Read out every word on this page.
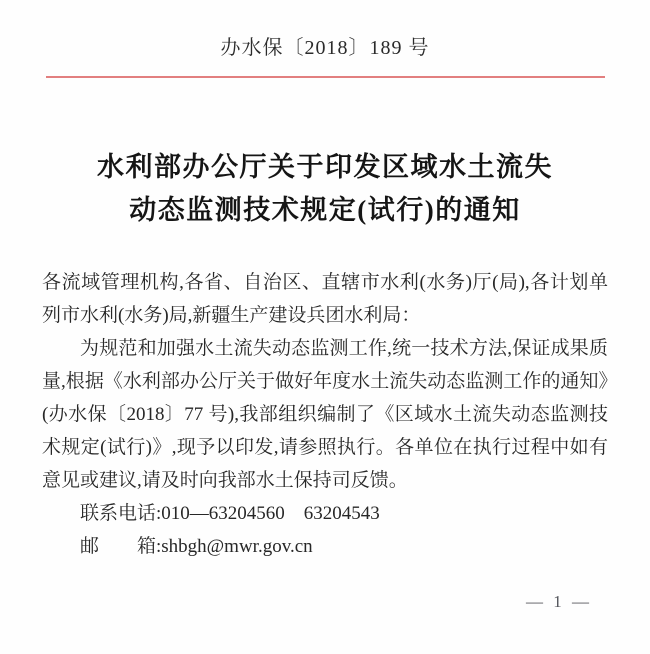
办水保〔2018〕189 号
水利部办公厅关于印发区域水土流失
动态监测技术规定(试行)的通知

各流域管理机构,各省、自治区、直辖市水利(水务)厅(局),各计划单列市水利(水务)局,新疆生产建设兵团水利局：

为规范和加强水土流失动态监测工作,统一技术方法,保证成果质量,根据《水利部办公厅关于做好年度水土流失动态监测工作的通知》(办水保〔2018〕77 号),我部组织编制了《区域水土流失动态监测技术规定(试行)》,现予以印发,请参照执行。各单位在执行过程中如有意见或建议,请及时向我部水土保持司反馈。

联系电话:010—63204560　63204543

邮　　箱:shbgh@mwr.gov.cn

— 1 —
